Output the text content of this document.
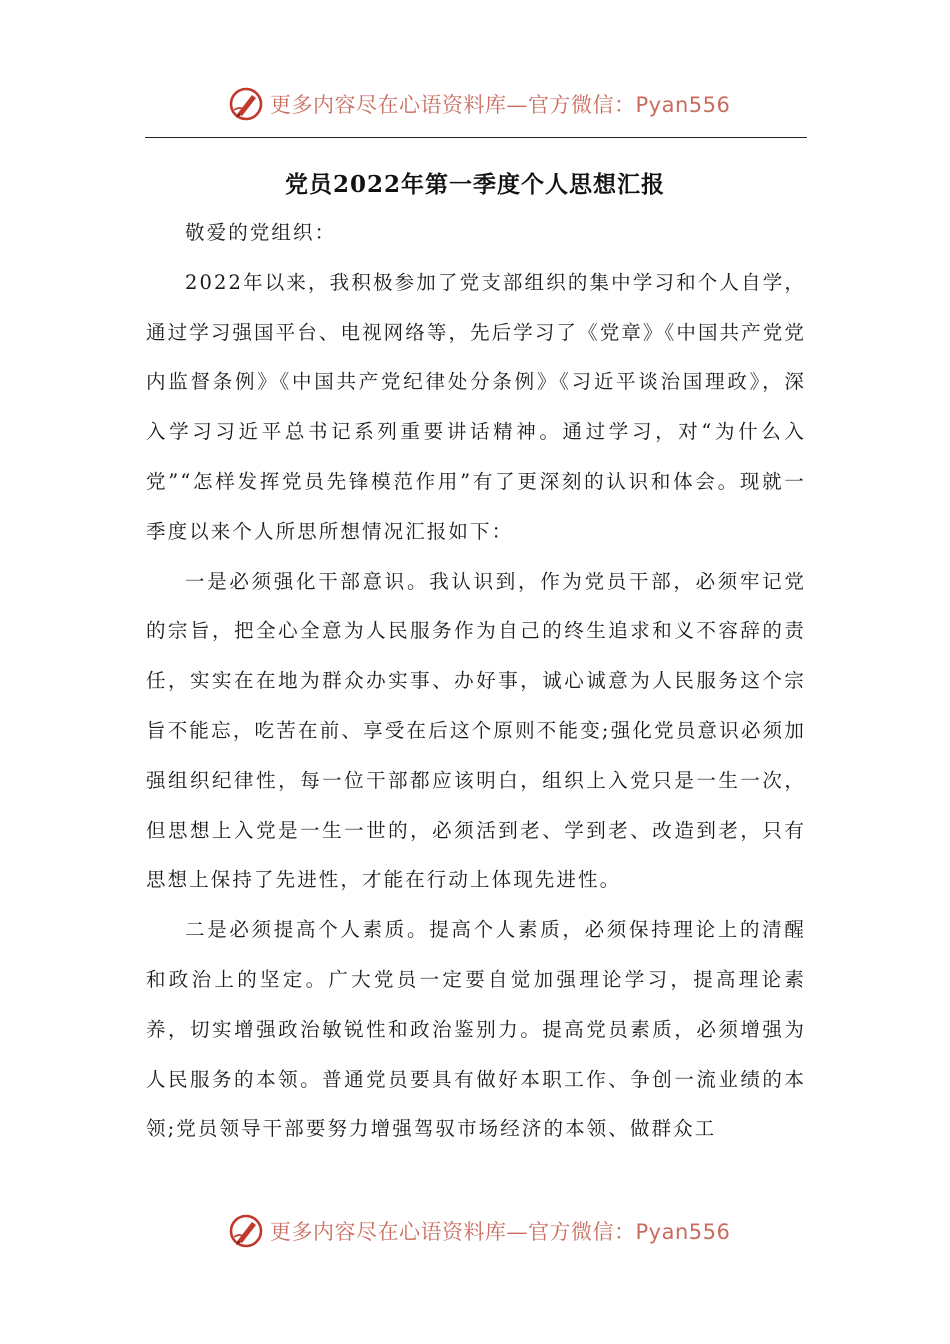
更多内容尽在心语资料库—官方微信：Pyan556
党员2022年第一季度个人思想汇报
敬爱的党组织：
2022年以来，我积极参加了党支部组织的集中学习和个人自学，通过学习强国平台、电视网络等，先后学习了《党章》《中国共产党党内监督条例》《中国共产党纪律处分条例》《习近平谈治国理政》，深入学习习近平总书记系列重要讲话精神。通过学习，对“为什么入党”“怎样发挥党员先锋模范作用”有了更深刻的认识和体会。现就一季度以来个人所思所想情况汇报如下：
一是必须强化干部意识。我认识到，作为党员干部，必须牢记党的宗旨，把全心全意为人民服务作为自己的终生追求和义不容辞的责任，实实在在地为群众办实事、办好事，诚心诚意为人民服务这个宗旨不能忘，吃苦在前、享受在后这个原则不能变;强化党员意识必须加强组织纪律性，每一位干部都应该明白，组织上入党只是一生一次，但思想上入党是一生一世的，必须活到老、学到老、改造到老，只有思想上保持了先进性，才能在行动上体现先进性。
二是必须提高个人素质。提高个人素质，必须保持理论上的清醒和政治上的坚定。广大党员一定要自觉加强理论学习，提高理论素养，切实增强政治敏锐性和政治鉴别力。提高党员素质，必须增强为人民服务的本领。普通党员要具有做好本职工作、争创一流业绩的本领;党员领导干部要努力增强驾驭市场经济的本领、做群众工
更多内容尽在心语资料库—官方微信：Pyan556
